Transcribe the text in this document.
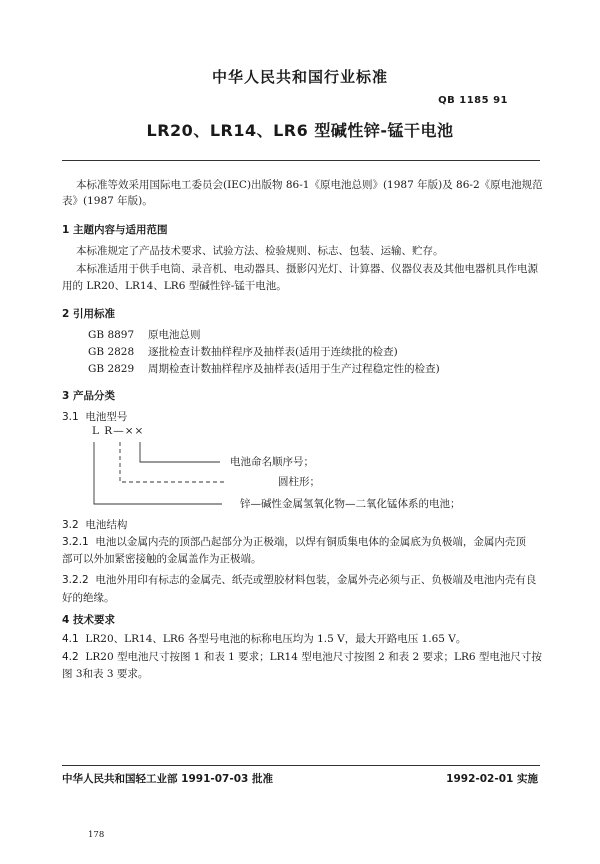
中华人民共和国行业标准
QB 1185 91
LR20、LR14、LR6 型碱性锌-锰干电池
本标准等效采用国际电工委员会(IEC)出版物 86-1《原电池总则》(1987 年版)及 86-2《原电池规范
表》(1987 年版)。
1 主题内容与适用范围
本标准规定了产品技术要求、试验方法、检验规则、标志、包装、运输、贮存。
本标准适用于供手电筒、录音机、电动器具、摄影闪光灯、计算器、仪器仪表及其他电器机具作电源
用的 LR20、LR14、LR6 型碱性锌-锰干电池。
2 引用标准
GB 8897 原电池总则
GB 2828 逐批检查计数抽样程序及抽样表(适用于连续批的检查)
GB 2829 周期检查计数抽样程序及抽样表(适用于生产过程稳定性的检查)
3 产品分类
3.1 电池型号
L R—××
电池命名顺序号；
圆柱形；
锌—碱性金属氢氧化物—二氧化锰体系的电池；
3.2 电池结构
3.2.1 电池以金属内壳的顶部凸起部分为正极端，以焊有铜质集电体的金属底为负极端，金属内壳顶
部可以外加紧密接触的金属盖作为正极端。
3.2.2 电池外用印有标志的金属壳、纸壳或塑胶材料包装，金属外壳必须与正、负极端及电池内壳有良
好的绝缘。
4 技术要求
4.1 LR20、LR14、LR6 各型号电池的标称电压均为 1.5 V，最大开路电压 1.65 V。
4.2 LR20 型电池尺寸按图 1 和表 1 要求；LR14 型电池尺寸按图 2 和表 2 要求；LR6 型电池尺寸按
图 3和表 3 要求。
中华人民共和国轻工业部 1991-07-03 批准	1992-02-01 实施
178
